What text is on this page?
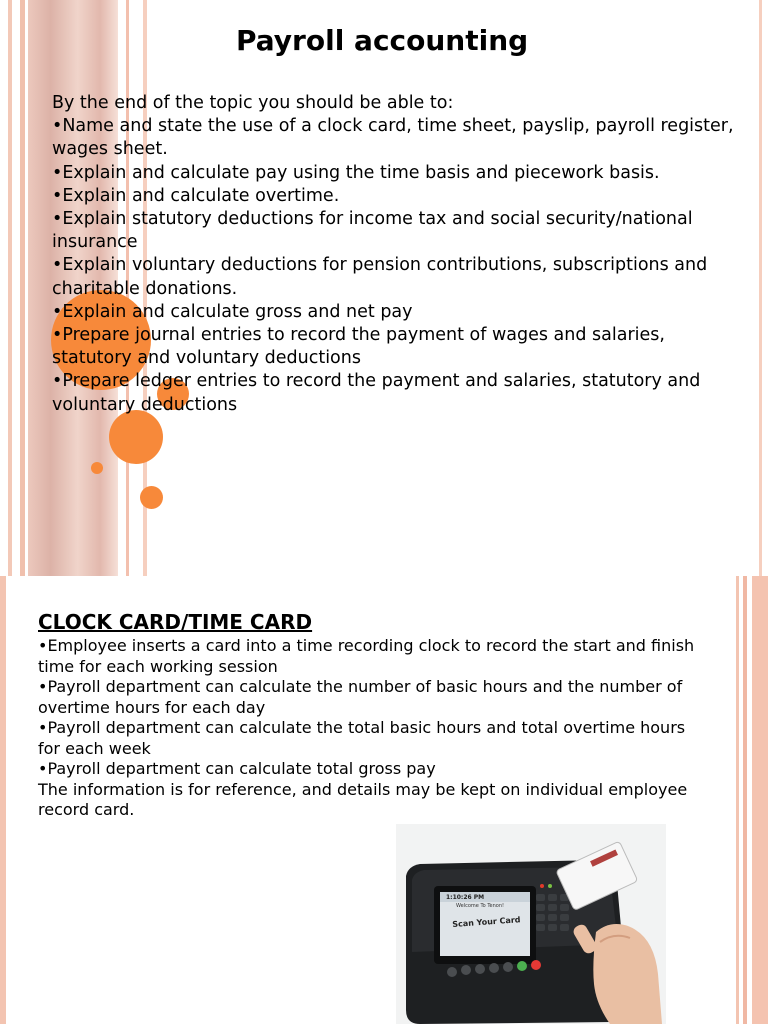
Payroll accounting
By the end of the topic you should be able to:
•Name and state the use of a clock card, time sheet, payslip, payroll register, wages sheet.
•Explain and calculate pay using the time basis and piecework basis.
•Explain and calculate overtime.
•Explain statutory deductions for income tax and social security/national insurance
•Explain voluntary deductions for pension contributions, subscriptions and charitable donations.
•Explain and calculate gross and net pay
•Prepare journal entries to record the payment of wages and salaries, statutory and voluntary deductions
•Prepare ledger entries to record the payment and salaries, statutory and voluntary deductions
CLOCK CARD/TIME CARD
•Employee inserts a card into a time recording clock to record the start and finish time for each working session
•Payroll department can calculate the number of basic hours and the number of overtime hours for each day
•Payroll department can calculate the total basic hours and total overtime hours for each week
•Payroll department can calculate total gross pay
The information is for reference, and details may be kept on individual employee record card.
1:10:26 PM
Welcome To Tenon!
Scan Your Card
